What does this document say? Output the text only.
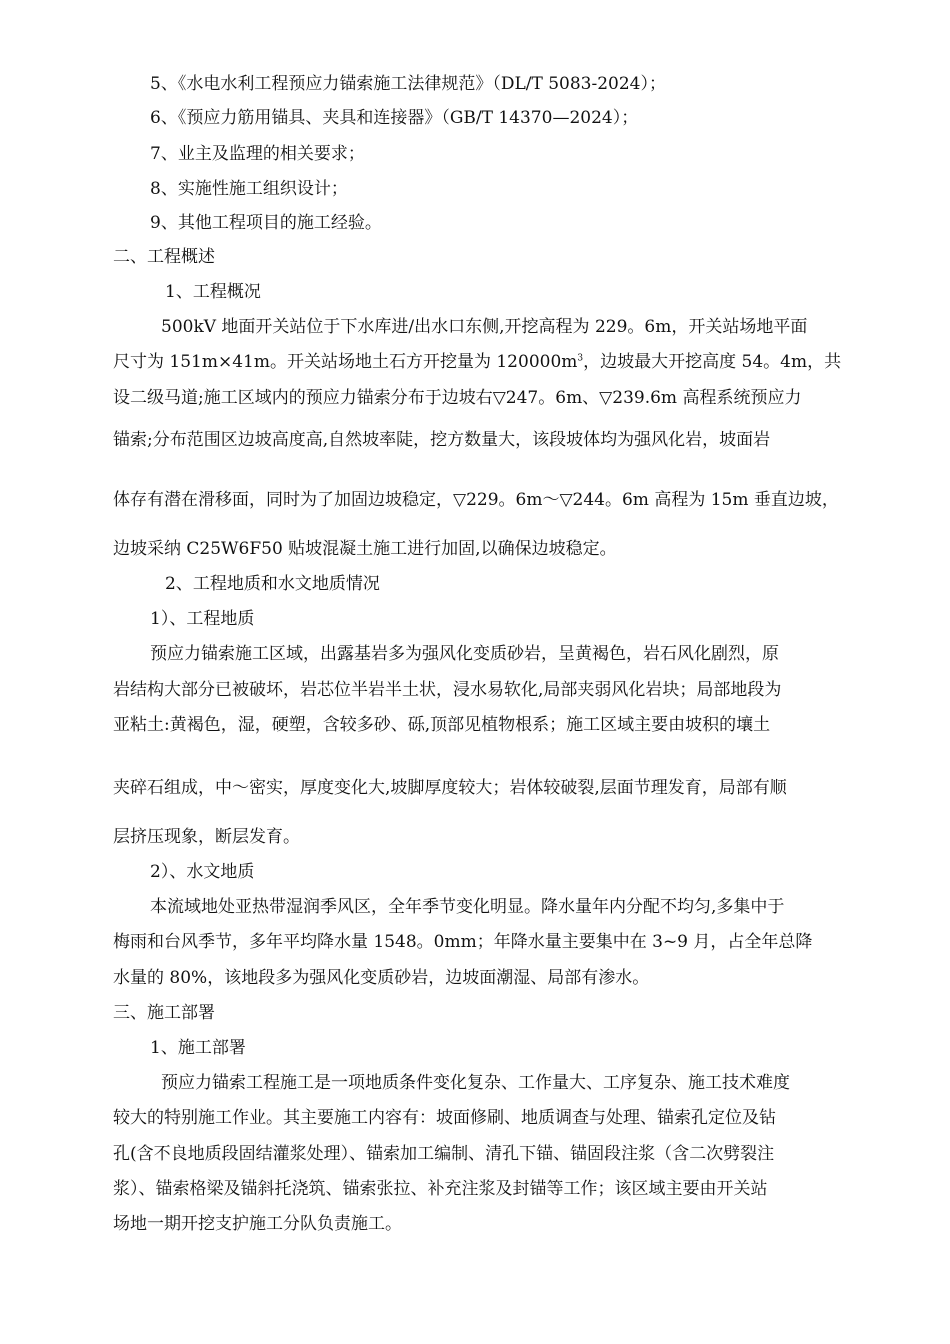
5、《水电水利工程预应力锚索施工法律规范》（DL/T 5083-2024）；
6、《预应力筋用锚具、夹具和连接器》（GB/T 14370—2024）；
7、业主及监理的相关要求；
8、实施性施工组织设计；
9、其他工程项目的施工经验。
二、工程概述
1、工程概况
500kV 地面开关站位于下水库进/出水口东侧,开挖高程为 229。6m，开关站场地平面
尺寸为 151m×41m。开关站场地土石方开挖量为 $120000m^3$，边坡最大开挖高度 54。4m，共
设二级马道;施工区域内的预应力锚索分布于边坡右▽247。6m、▽239.6m 高程系统预应力
锚索;分布范围区边坡高度高,自然坡率陡，挖方数量大，该段坡体均为强风化岩，坡面岩
体存有潜在滑移面，同时为了加固边坡稳定，▽229。6m～▽244。6m 高程为 15m 垂直边坡，
边坡采纳 C25W6F50 贴坡混凝土施工进行加固,以确保边坡稳定。
2、工程地质和水文地质情况
1）、工程地质
预应力锚索施工区域，出露基岩多为强风化变质砂岩，呈黄褐色，岩石风化剧烈，原
岩结构大部分已被破坏，岩芯位半岩半土状，浸水易软化,局部夹弱风化岩块；局部地段为
亚粘土:黄褐色，湿，硬塑，含较多砂、砾,顶部见植物根系；施工区域主要由坡积的壤土
夹碎石组成，中～密实，厚度变化大,坡脚厚度较大；岩体较破裂,层面节理发育，局部有顺
层挤压现象，断层发育。
2）、水文地质
本流域地处亚热带湿润季风区，全年季节变化明显。降水量年内分配不均匀,多集中于
梅雨和台风季节，多年平均降水量 1548。0mm；年降水量主要集中在 3~9 月，占全年总降
水量的 80%，该地段多为强风化变质砂岩，边坡面潮湿、局部有渗水。
三、施工部署
1、施工部署
预应力锚索工程施工是一项地质条件变化复杂、工作量大、工序复杂、施工技术难度
较大的特别施工作业。其主要施工内容有：坡面修刷、地质调查与处理、锚索孔定位及钻
孔(含不良地质段固结灌浆处理）、锚索加工编制、清孔下锚、锚固段注浆（含二次劈裂注
浆）、锚索格梁及锚斜托浇筑、锚索张拉、补充注浆及封锚等工作；该区域主要由开关站
场地一期开挖支护施工分队负责施工。
